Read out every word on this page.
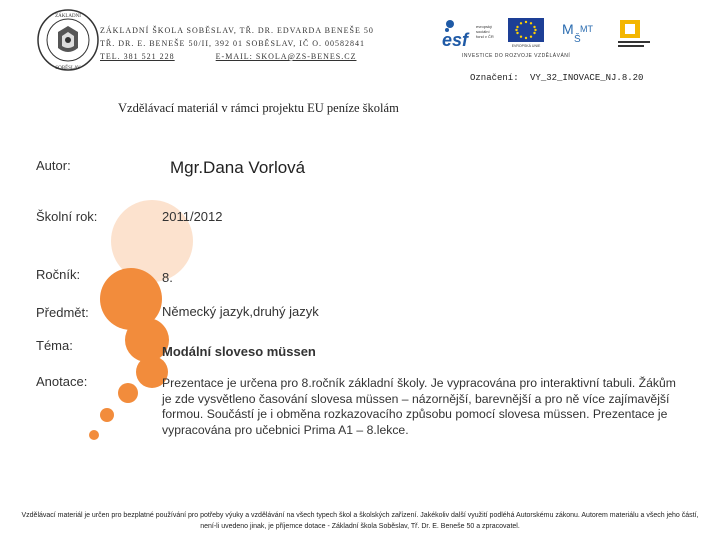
ZÁKLADNÍ
SOBĚSLAV
ZÁKLADNÍ ŠKOLA SOBĚSLAV, TŘ. DR. EDVARDA BENEŠE 50
TŘ. DR. E. BENEŠE 50/II, 392 01 SOBĚSLAV, IČ O. 00582841
TEL. 381 521 228	E-MAIL: SKOLA@ZS-BENES.CZ
esf
evropský
sociální
fond v ČR
EVROPSKÁ UNIE
M
Š
MT
INVESTICE DO ROZVOJE VZDĚLÁVÁNÍ
Označení: VY_32_INOVACE_NJ.8.20
Vzdělávací materiál v rámci projektu EU peníze školám
Autor:	Mgr.Dana Vorlová
Školní rok:	2011/2012
Ročník:	8.
Předmět:	Německý jazyk,druhý jazyk
Téma:	Modální sloveso müssen
Anotace:	Prezentace je určena pro 8.ročník základní školy. Je vypracována pro interaktivní tabuli. Žákům je zde vysvětleno časování slovesa müssen – názornější, barevnější a pro ně více zajímavější formou. Součástí je i obměna rozkazovacího způsobu pomocí slovesa müssen. Prezentace je vypracována pro učebnici Prima A1 – 8.lekce.
Vzdělávací materiál je určen pro bezplatné používání pro potřeby výuky a vzdělávání na všech typech škol a školských zařízení. Jakékoliv další využití podléhá Autorskému zákonu. Autorem materiálu a všech jeho částí, není-li uvedeno jinak, je příjemce dotace - Základní škola Soběslav, Tř. Dr. E. Beneše 50 a zpracovatel.
